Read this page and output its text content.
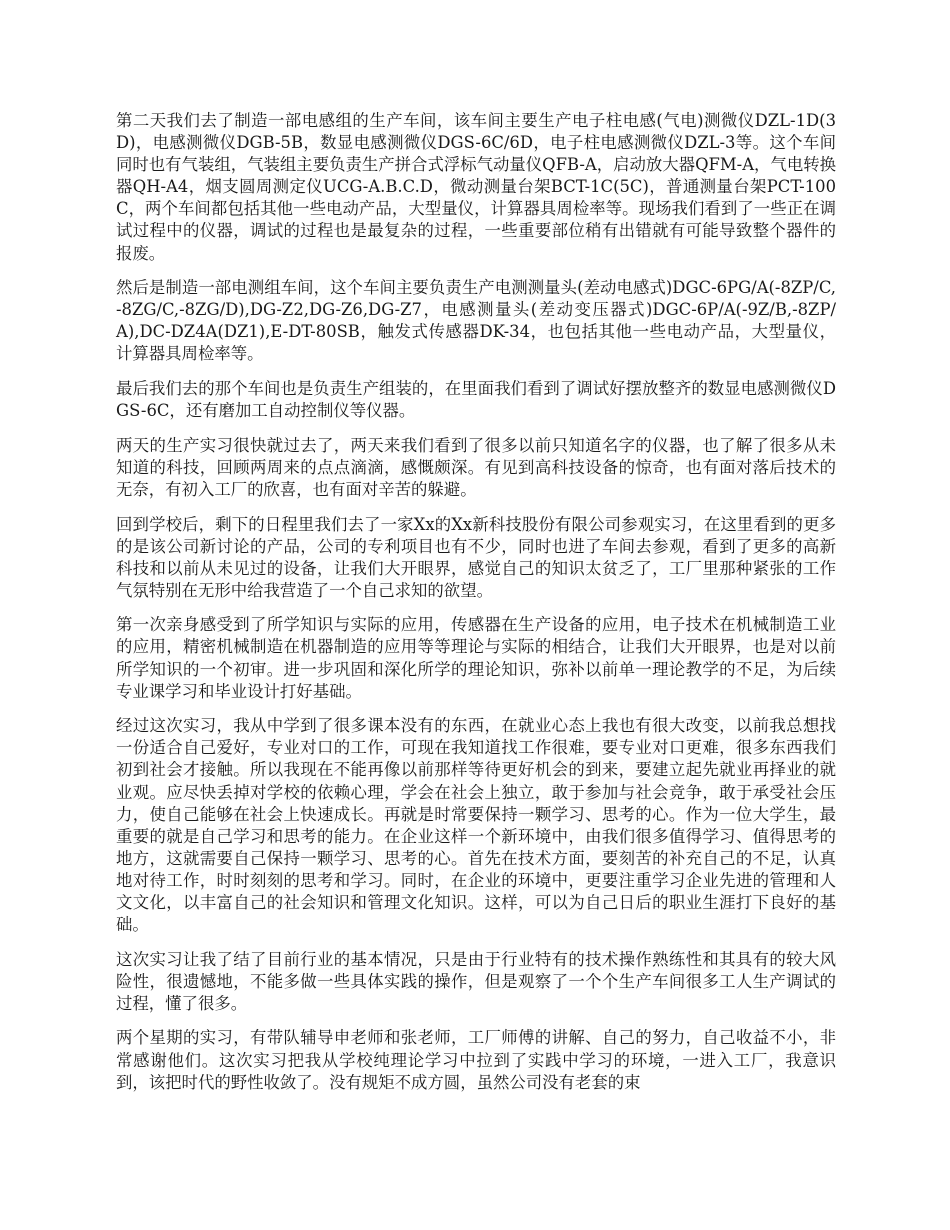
第二天我们去了制造一部电感组的生产车间，该车间主要生产电子柱电感(气电)测微仪DZL-1D(3D)，电感测微仪DGB-5B，数显电感测微仪DGS-6C/6D，电子柱电感测微仪DZL-3等。这个车间同时也有气装组，气装组主要负责生产拼合式浮标气动量仪QFB-A，启动放大器QFM-A，气电转换器QH-A4，烟支圆周测定仪UCG-A.B.C.D，微动测量台架BCT-1C(5C)，普通测量台架PCT-100C，两个车间都包括其他一些电动产品，大型量仪，计算器具周检率等。现场我们看到了一些正在调试过程中的仪器，调试的过程也是最复杂的过程，一些重要部位稍有出错就有可能导致整个器件的报废。

然后是制造一部电测组车间，这个车间主要负责生产电测测量头(差动电感式)DGC-6PG/A(-8ZP/C,-8ZG/C,-8ZG/D),DG-Z2,DG-Z6,DG-Z7，电感测量头(差动变压器式)DGC-6P/A(-9Z/B,-8ZP/A),DC-DZ4A(DZ1),E-DT-80SB，触发式传感器DK-34，也包括其他一些电动产品，大型量仪，计算器具周检率等。

最后我们去的那个车间也是负责生产组装的，在里面我们看到了调试好摆放整齐的数显电感测微仪DGS-6C，还有磨加工自动控制仪等仪器。

两天的生产实习很快就过去了，两天来我们看到了很多以前只知道名字的仪器，也了解了很多从未知道的科技，回顾两周来的点点滴滴，感慨颇深。有见到高科技设备的惊奇，也有面对落后技术的无奈，有初入工厂的欣喜，也有面对辛苦的躲避。

回到学校后，剩下的日程里我们去了一家Xx的Xx新科技股份有限公司参观实习，在这里看到的更多的是该公司新讨论的产品，公司的专利项目也有不少，同时也进了车间去参观，看到了更多的高新科技和以前从未见过的设备，让我们大开眼界，感觉自己的知识太贫乏了，工厂里那种紧张的工作气氛特别在无形中给我营造了一个自己求知的欲望。

第一次亲身感受到了所学知识与实际的应用，传感器在生产设备的应用，电子技术在机械制造工业的应用，精密机械制造在机器制造的应用等等理论与实际的相结合，让我们大开眼界，也是对以前所学知识的一个初审。进一步巩固和深化所学的理论知识，弥补以前单一理论教学的不足，为后续专业课学习和毕业设计打好基础。

经过这次实习，我从中学到了很多课本没有的东西，在就业心态上我也有很大改变，以前我总想找一份适合自己爱好，专业对口的工作，可现在我知道找工作很难，要专业对口更难，很多东西我们初到社会才接触。所以我现在不能再像以前那样等待更好机会的到来，要建立起先就业再择业的就业观。应尽快丢掉对学校的依赖心理，学会在社会上独立，敢于参加与社会竞争，敢于承受社会压力，使自己能够在社会上快速成长。再就是时常要保持一颗学习、思考的心。作为一位大学生，最重要的就是自己学习和思考的能力。在企业这样一个新环境中，由我们很多值得学习、值得思考的地方，这就需要自己保持一颗学习、思考的心。首先在技术方面，要刻苦的补充自己的不足，认真地对待工作，时时刻刻的思考和学习。同时，在企业的环境中，更要注重学习企业先进的管理和人文文化，以丰富自己的社会知识和管理文化知识。这样，可以为自己日后的职业生涯打下良好的基础。

这次实习让我了结了目前行业的基本情况，只是由于行业特有的技术操作熟练性和其具有的较大风险性，很遗憾地，不能多做一些具体实践的操作，但是观察了一个个生产车间很多工人生产调试的过程，懂了很多。

两个星期的实习，有带队辅导申老师和张老师，工厂师傅的讲解、自己的努力，自己收益不小，非常感谢他们。这次实习把我从学校纯理论学习中拉到了实践中学习的环境，一进入工厂，我意识到，该把时代的野性收敛了。没有规矩不成方圆，虽然公司没有老套的束
